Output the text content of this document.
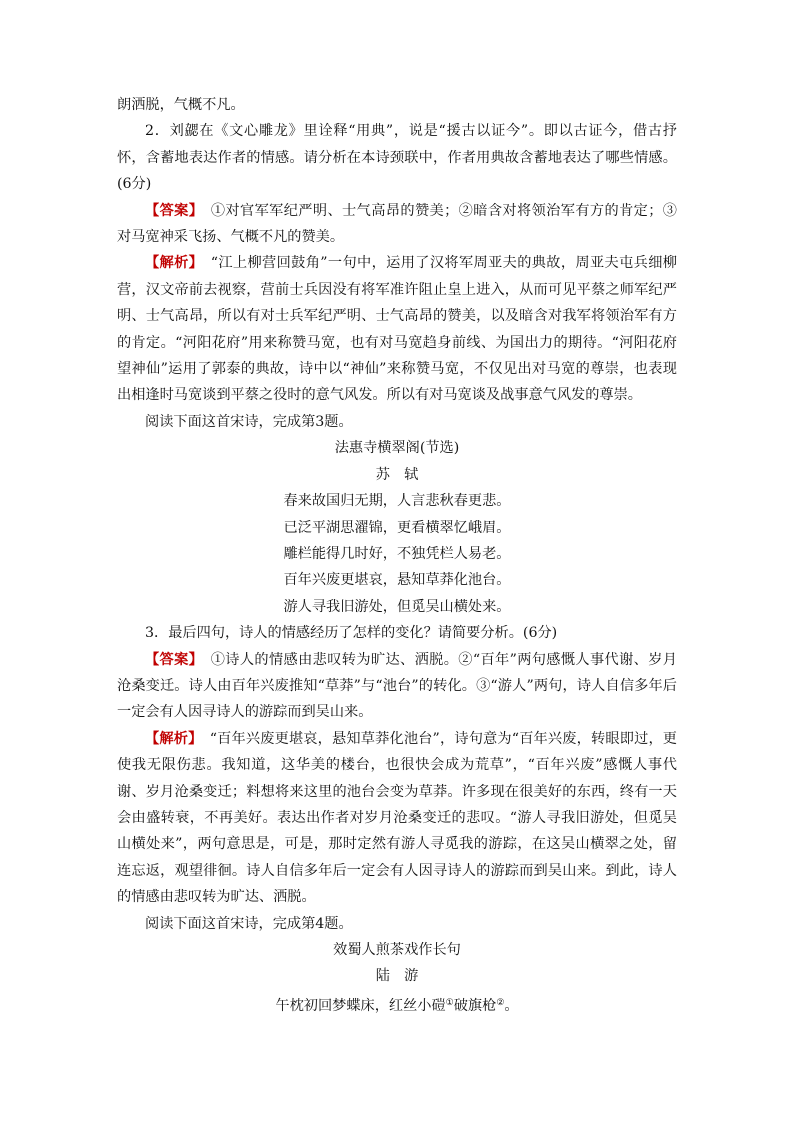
朗洒脱，气概不凡。

2．刘勰在《文心雕龙》里诠释“用典”，说是“援古以证今”。即以古证今，借古抒怀，含蓄地表达作者的情感。请分析在本诗颈联中，作者用典故含蓄地表达了哪些情感。(6分)

【答案】　 ①对官军军纪严明、士气高昂的赞美；②暗含对将领治军有方的肯定；③对马宽神采飞扬、气概不凡的赞美。

【解析】　 “江上柳营回鼓角”一句中，运用了汉将军周亚夫的典故，周亚夫屯兵细柳营，汉文帝前去视察，营前士兵因没有将军准许阻止皇上进入，从而可见平蔡之师军纪严明、士气高昂，所以有对士兵军纪严明、士气高昂的赞美，以及暗含对我军将领治军有方的肯定。“河阳花府”用来称赞马宽，也有对马宽趋身前线、为国出力的期待。“河阳花府望神仙”运用了郭泰的典故，诗中以“神仙”来称赞马宽，不仅见出对马宽的尊崇，也表现出相逢时马宽谈到平蔡之役时的意气风发。所以有对马宽谈及战事意气风发的尊崇。

阅读下面这首宋诗，完成第3题。

法惠寺横翠阁(节选)

苏　轼

春来故国归无期，人言悲秋春更悲。

已泛平湖思濯锦，更看横翠忆峨眉。

雕栏能得几时好，不独凭栏人易老。

百年兴废更堪哀，悬知草莽化池台。

游人寻我旧游处，但觅吴山横处来。

3．最后四句，诗人的情感经历了怎样的变化？请简要分析。(6分)

【答案】　 ①诗人的情感由悲叹转为旷达、洒脱。②“百年”两句感慨人事代谢、岁月沧桑变迁。诗人由百年兴废推知“草莽”与“池台”的转化。③“游人”两句，诗人自信多年后一定会有人因寻诗人的游踪而到吴山来。

【解析】　 “百年兴废更堪哀，悬知草莽化池台”，诗句意为“百年兴废，转眼即过，更使我无限伤悲。我知道，这华美的楼台，也很快会成为荒草”，“百年兴废”感慨人事代谢、岁月沧桑变迁；料想将来这里的池台会变为草莽。许多现在很美好的东西，终有一天会由盛转衰，不再美好。表达出作者对岁月沧桑变迁的悲叹。“游人寻我旧游处，但觅吴山横处来”，两句意思是，可是，那时定然有游人寻觅我的游踪，在这吴山横翠之处，留连忘返，观望徘徊。诗人自信多年后一定会有人因寻诗人的游踪而到吴山来。到此，诗人的情感由悲叹转为旷达、洒脱。

阅读下面这首宋诗，完成第4题。

效蜀人煎茶戏作长句

陆　游

午枕初回梦蝶床，红丝小磑①破旗枪②。
